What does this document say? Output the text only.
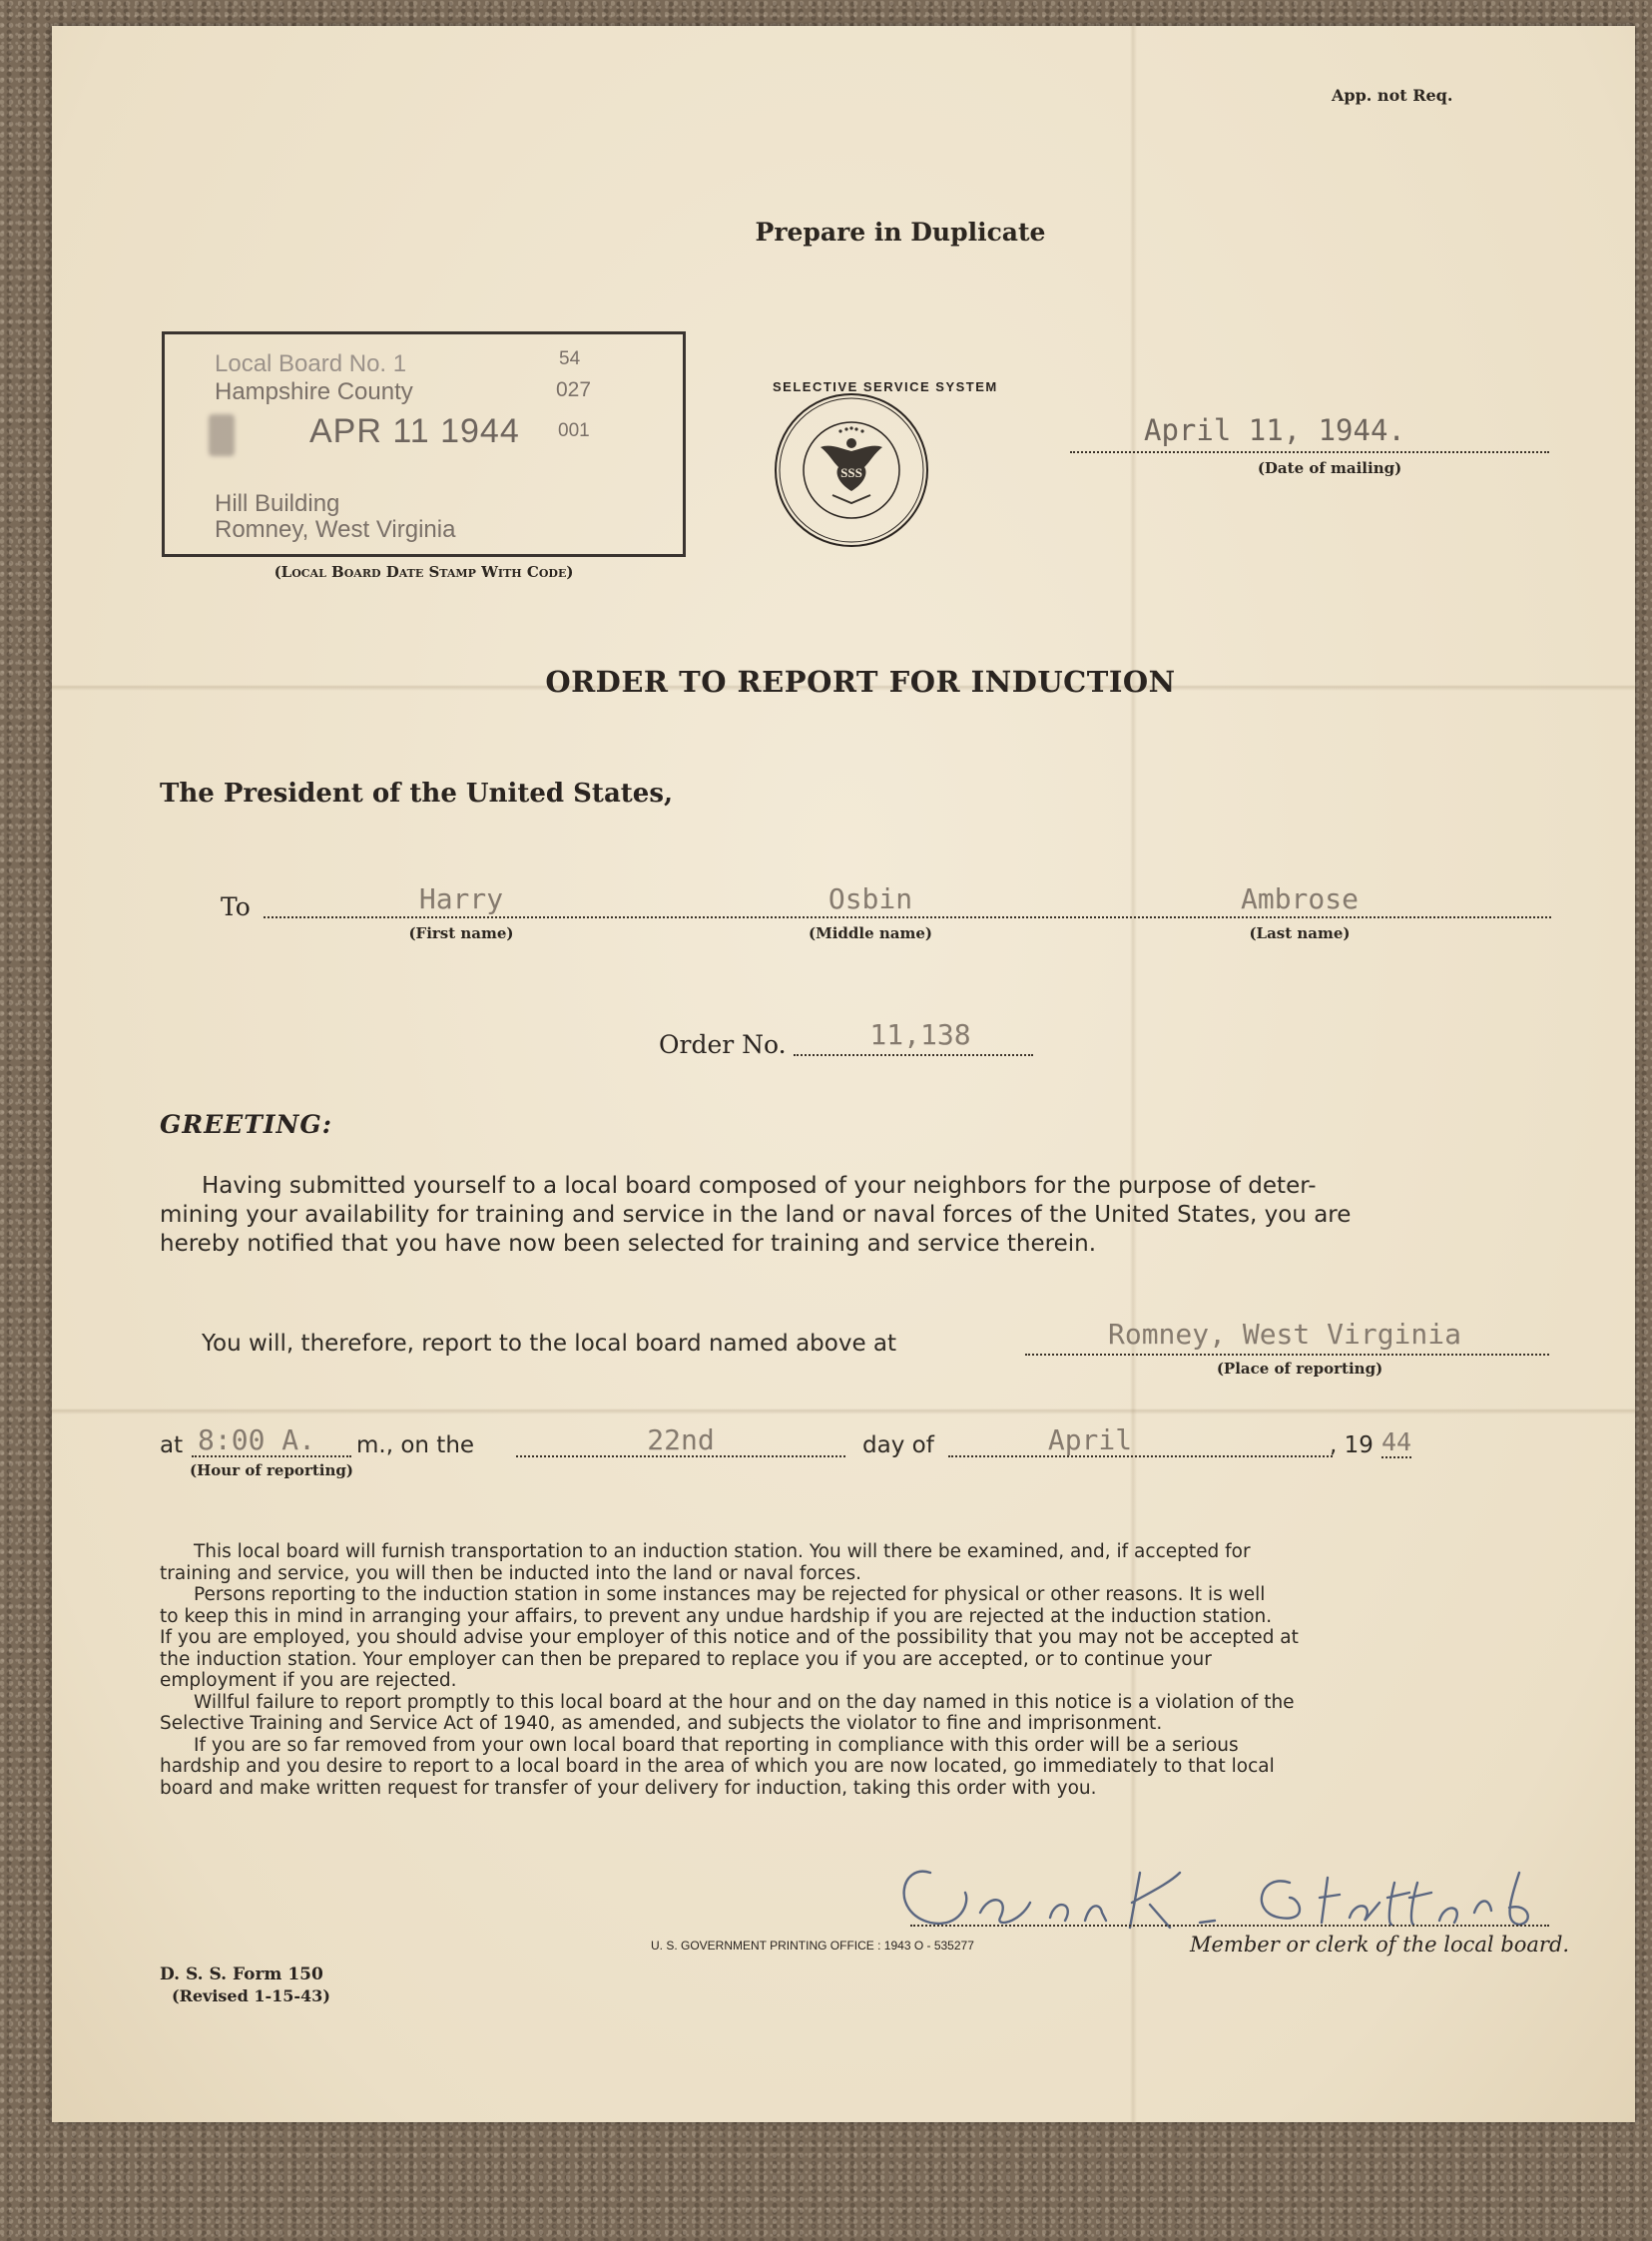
App. not Req.
Prepare in Duplicate
Local Board No. 1
Hampshire County
54
027
APR 11 1944 001
Hill Building
Romney, West Virginia
(Local Board Date Stamp With Code)
SELECTIVE SERVICE SYSTEM
SSS
April 11, 1944.
(Date of mailing)
ORDER TO REPORT FOR INDUCTION
The President of the United States,
To	Harry	Osbin	Ambrose
(First name)	(Middle name)	(Last name)
Order No.	11,138
GREETING:

Having submitted yourself to a local board composed of your neighbors for the purpose of deter-

mining your availability for training and service in the land or naval forces of the United States, you are

hereby notified that you have now been selected for training and service therein.

You will, therefore, report to the local board named above at	Romney, West Virginia
(Place of reporting)
at 8:00 A. m., on the
(Hour of reporting)
22nd	day of	April	, 19 44

This local board will furnish transportation to an induction station. You will there be examined, and, if accepted for

training and service, you will then be inducted into the land or naval forces.

Persons reporting to the induction station in some instances may be rejected for physical or other reasons. It is well

to keep this in mind in arranging your affairs, to prevent any undue hardship if you are rejected at the induction station.

If you are employed, you should advise your employer of this notice and of the possibility that you may not be accepted at

the induction station. Your employer can then be prepared to replace you if you are accepted, or to continue your

employment if you are rejected.

Willful failure to report promptly to this local board at the hour and on the day named in this notice is a violation of the

Selective Training and Service Act of 1940, as amended, and subjects the violator to fine and imprisonment.

If you are so far removed from your own local board that reporting in compliance with this order will be a serious

hardship and you desire to report to a local board in the area of which you are now located, go immediately to that local

board and make written request for transfer of your delivery for induction, taking this order with you.

Member or clerk of the local board.
U. S. GOVERNMENT PRINTING OFFICE : 1943 O - 535277
D. S. S. Form 150
(Revised 1-15-43)
